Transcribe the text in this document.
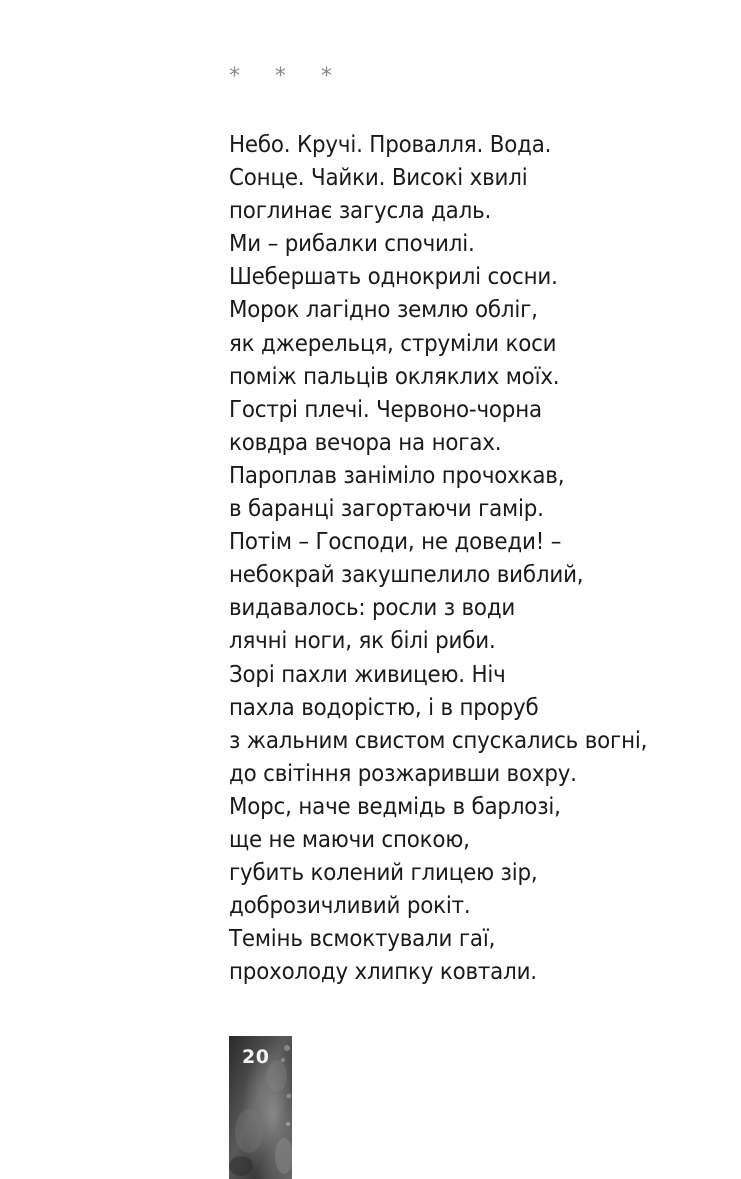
* * *

Небо. Кручі. Провалля. Вода.
Сонце. Чайки. Високі хвилі
поглинає загусла даль.
Ми – рибалки спочилі.
Шебершать однокрилі сосни.
Морок лагідно землю обліг,
як джерельця, струміли коси
поміж пальців окляклих моїх.
Гострі плечі. Червоно-чорна
ковдра вечора на ногах.
Пароплав заніміло прочохкав,
в баранці загортаючи гамір.
Потім – Господи, не доведи! –
небокрай закушпелило виблий,
видавалось: росли з води
лячні ноги, як білі риби.
Зорі пахли живицею. Ніч
пахла водорістю, і в проруб
з жальним свистом спускались вогні,
до світіння розжаривши вохру.
Морс, наче ведмідь в барлозі,
ще не маючи спокою,
губить колений глицею зір,
доброзичливий рокіт.
Темінь всмоктували гаї,
прохолоду хлипку ковтали.
20
